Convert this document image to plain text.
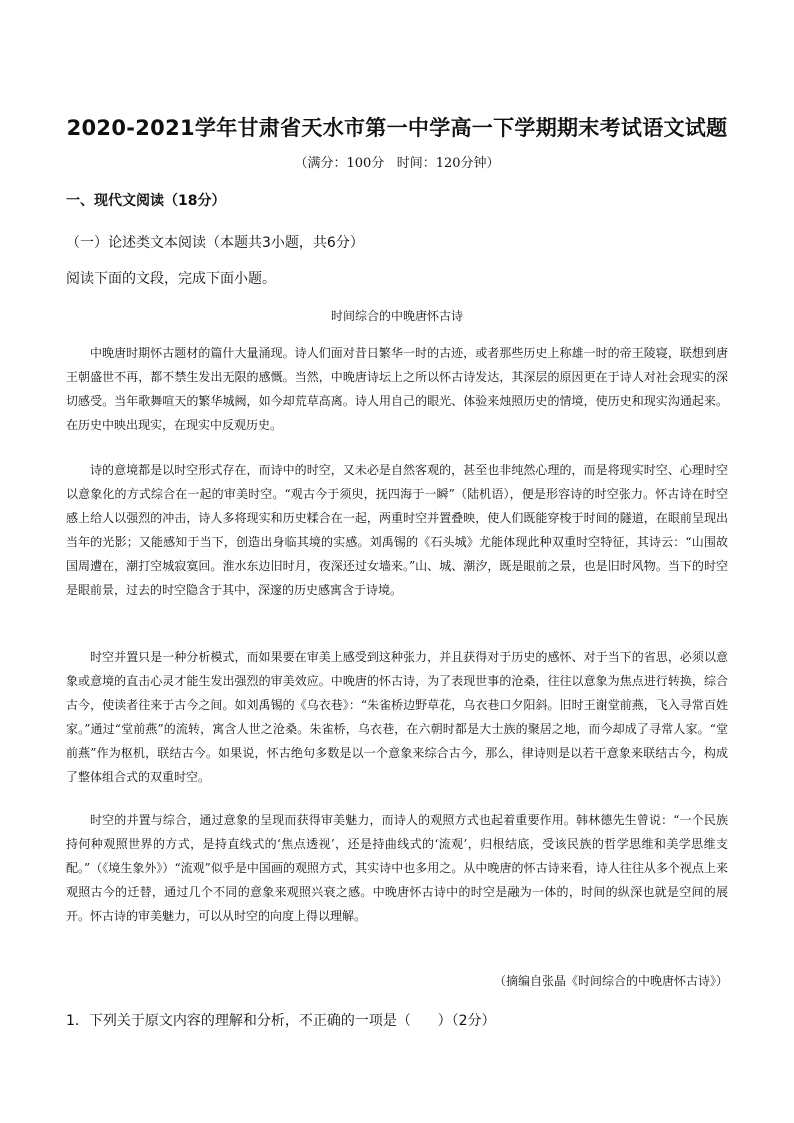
2020-2021学年甘肃省天水市第一中学高一下学期期末考试语文试题
（满分：100分   时间：120分钟）
一、现代文阅读（18分）
（一）论述类文本阅读（本题共3小题，共6分）
阅读下面的文段，完成下面小题。
时间综合的中晚唐怀古诗

中晚唐时期怀古题材的篇什大量涌现。诗人们面对昔日繁华一时的古迹，或者那些历史上称雄一时的帝王陵寝，联想到唐王朝盛世不再，都不禁生发出无限的感慨。当然，中晚唐诗坛上之所以怀古诗发达，其深层的原因更在于诗人对社会现实的深切感受。当年歌舞喧天的繁华城阙，如今却荒草高离。诗人用自己的眼光、体验来烛照历史的情境，使历史和现实沟通起来。在历史中映出现实，在现实中反观历史。

诗的意境都是以时空形式存在，而诗中的时空，又未必是自然客观的，甚至也非纯然心理的，而是将现实时空、心理时空以意象化的方式综合在一起的审美时空。“观古今于须臾，抚四海于一瞬”（陆机语），便是形容诗的时空张力。怀古诗在时空感上给人以强烈的冲击，诗人多将现实和历史糅合在一起，两重时空并置叠映，使人们既能穿梭于时间的隧道，在眼前呈现出当年的光影；又能感知于当下，创造出身临其境的实感。刘禹锡的《石头城》尤能体现此种双重时空特征，其诗云：“山围故国周遭在，潮打空城寂寞回。淮水东边旧时月，夜深还过女墙来。”山、城、潮汐，既是眼前之景，也是旧时风物。当下的时空是眼前景，过去的时空隐含于其中，深邃的历史感寓含于诗境。

时空并置只是一种分析模式，而如果要在审美上感受到这种张力，并且获得对于历史的感怀、对于当下的省思，必须以意象或意境的直击心灵才能生发出强烈的审美效应。中晚唐的怀古诗，为了表现世事的沧桑，往往以意象为焦点进行转换，综合古今，使读者往来于古今之间。如刘禹锡的《乌衣巷》：“朱雀桥边野草花，乌衣巷口夕阳斜。旧时王谢堂前燕，飞入寻常百姓家。”通过“堂前燕”的流转，寓含人世之沧桑。朱雀桥，乌衣巷，在六朝时都是大士族的聚居之地，而今却成了寻常人家。“堂前燕”作为枢机，联结古今。如果说，怀古绝句多数是以一个意象来综合古今，那么，律诗则是以若干意象来联结古今，构成了整体组合式的双重时空。

时空的并置与综合，通过意象的呈现而获得审美魅力，而诗人的观照方式也起着重要作用。韩林德先生曾说：“一个民族持何种观照世界的方式，是持直线式的‘焦点透视’，还是持曲线式的‘流观’，归根结底，受该民族的哲学思维和美学思维支配。”（《境生象外》）“流观”似乎是中国画的观照方式，其实诗中也多用之。从中晚唐的怀古诗来看，诗人往往从多个视点上来观照古今的迁替，通过几个不同的意象来观照兴衰之感。中晚唐怀古诗中的时空是融为一体的，时间的纵深也就是空间的展开。怀古诗的审美魅力，可以从时空的向度上得以理解。

（摘编自张晶《时间综合的中晚唐怀古诗》）
1．下列关于原文内容的理解和分析，不正确的一项是（      ）（2分）
